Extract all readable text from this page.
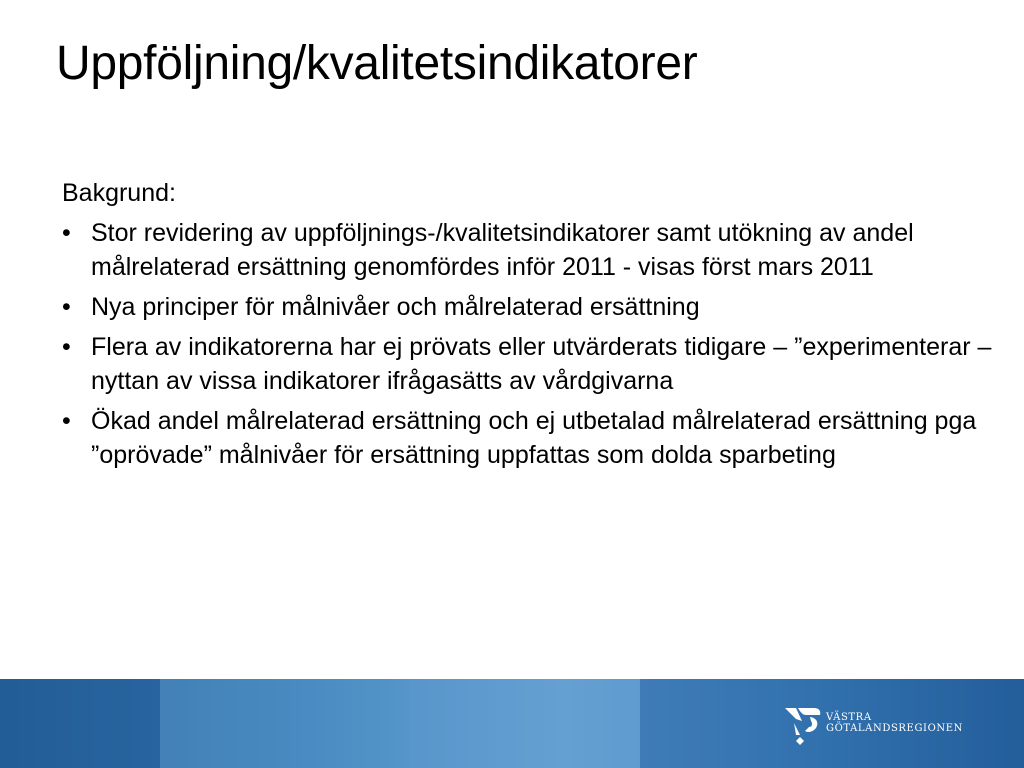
Uppföljning/kvalitetsindikatorer

Bakgrund:

• Stor revidering av uppföljnings-/kvalitetsindikatorer samt utökning av andel målrelaterad ersättning genomfördes inför 2011 - visas först mars 2011
• Nya principer för målnivåer och målrelaterad ersättning
• Flera av indikatorerna har ej prövats eller utvärderats tidigare – ”experimenterar – nyttan av vissa indikatorer ifrågasätts av vårdgivarna
• Ökad andel målrelaterad ersättning och ej utbetalad målrelaterad ersättning pga ”oprövade” målnivåer för ersättning uppfattas som dolda sparbeting
VÄSTRA
GÖTALANDSREGIONEN
